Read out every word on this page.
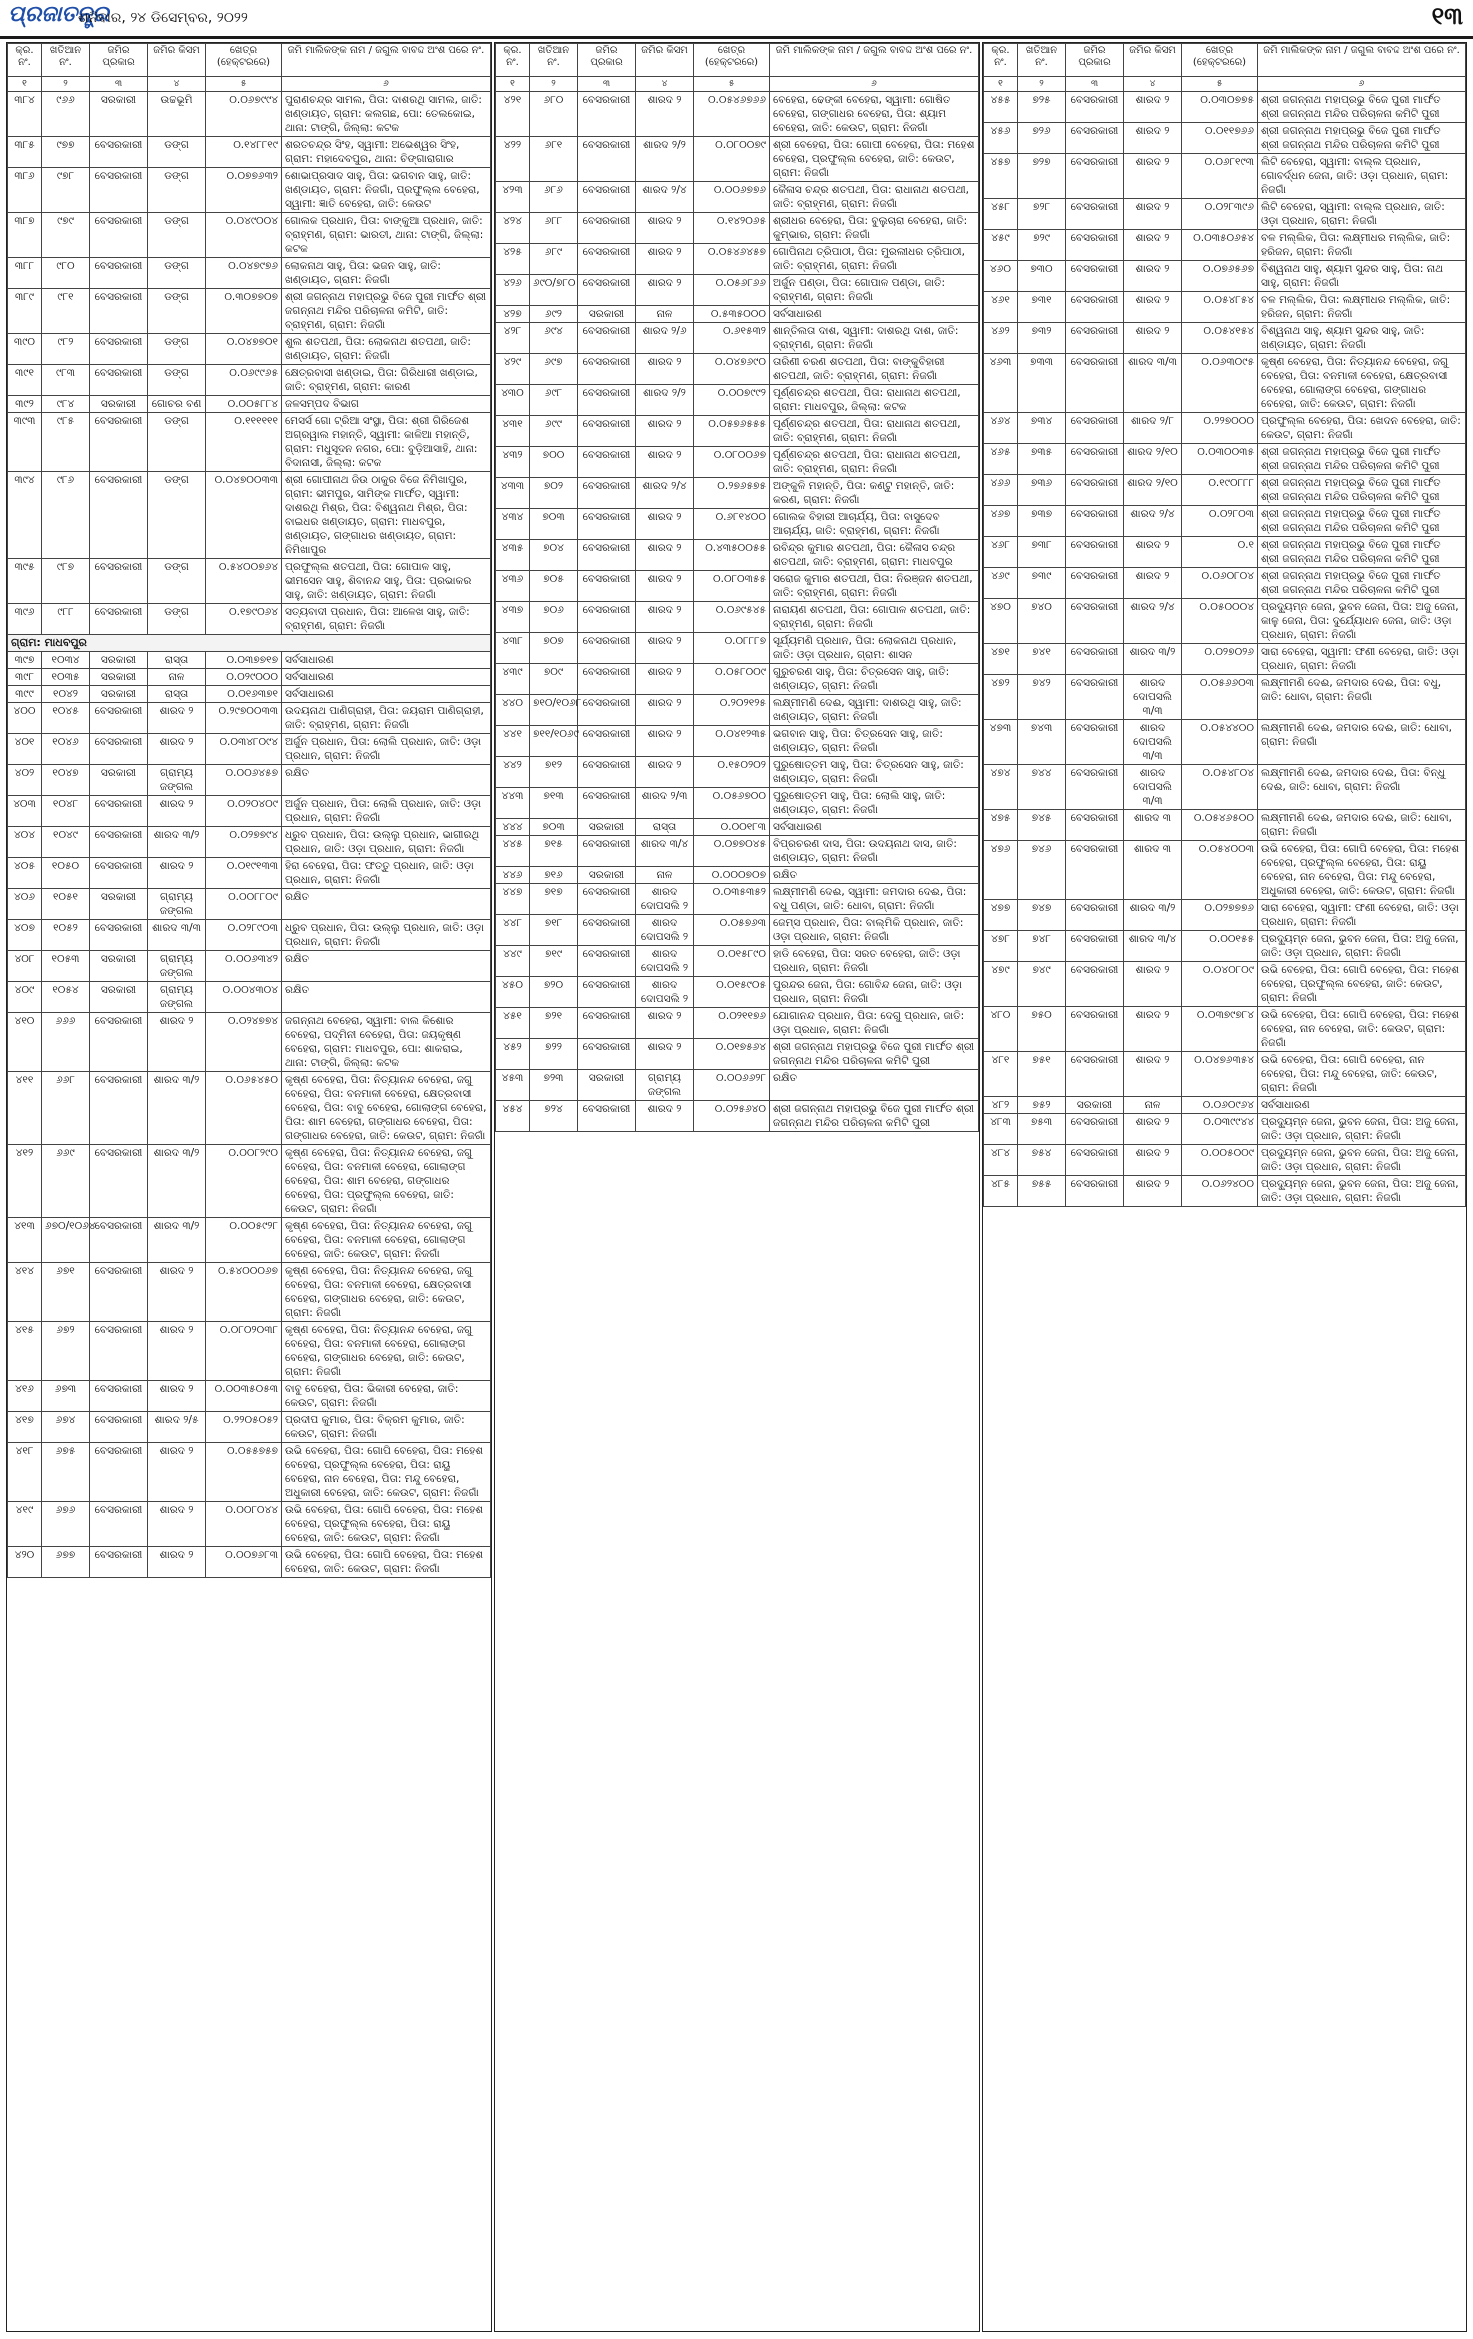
ପ୍ରଜାତନ୍ତ୍ର
ଶନିବାର, ୨୪ ଡିସେମ୍ବର, ୨୦୨୨	୧୩
କ୍ର. ନଂ.	ଖତିଆନ ନଂ.	ଜମିର ପ୍ରକାର	ଜମିର କିସମ	ଖେତ୍ର (ହେକ୍ଟରରେ)	ଜମି ମାଲିକଙ୍କ ନାମ / ଜଗୁଲ ବାବଦ୍ଦ ଅଂଶ ପରେ ନଂ.
୧	୨	୩	୪	୫	୬
୩୮୪	୯୬୬	ସରକାରୀ	ଉଚ୍ଚଭୂମି	୦.୦୬୭୯୯୪	ପୁରାଣଚନ୍ଦ୍ର ସାମଲ, ପିତା: ଦାଶରଥି ସାମଲ, ଜାତି: ଖଣ୍ଡାୟତ, ଗ୍ରାମ: କଲଗଛ, ପୋ: ତେଲକୋଇ, ଥାନା: ଟାଙ୍ଗି, ଜିଲ୍ଲା: କଟକ
୩୮୫	୯୭୭	ବେସରକାରୀ	ଡଙ୍ଗ	୦.୧୪୮୮୧୯	ଶରତଚନ୍ଦ୍ର ସିଂହ, ସ୍ୱାମୀ: ଅଭେଶ୍ୱର ସିଂହ, ଗ୍ରାମ: ମହାଦେବପୁର, ଥାନା: ଚିଙ୍ଗାରାଗାର
୩୮୬	୯୭୮	ବେସରକାରୀ	ଡଙ୍ଗ	୦.୦୭୭୬୩୨	ଶୋଭାପ୍ରସାଦ ସାହୁ, ପିତା: ଭଗବାନ ସାହୁ, ଜାତି: ଖଣ୍ଡାୟତ, ଗ୍ରାମ: ନିଜଗାଁ, ପ୍ରଫୁଲ୍ଲ ବେହେରା, ସ୍ୱାମୀ: ଜ୍ଞାତି ବେହେରା, ଜାତି: କେଉଟ
୩୮୭	୯୭୯	ବେସରକାରୀ	ଡଙ୍ଗ	୦.୦୪୯୦୦୪	ଗୋଲକ ପ୍ରଧାନ, ପିତା: ବାଙ୍କୁଆ ପ୍ରଧାନ, ଜାତି: ବ୍ରାହ୍ମଣ, ଗ୍ରାମ: ଭାରତୀ, ଥାନା: ଟାଙ୍ଗି, ଜିଲ୍ଲା: କଟକ
୩୮୮	୯୮୦	ବେସରକାରୀ	ଡଙ୍ଗ	୦.୦୪୭୯୭୬	ଲୋକନାଥ ସାହୁ, ପିତା: ଭଜନ ସାହୁ, ଜାତି: ଖଣ୍ଡାୟତ, ଗ୍ରାମ: ନିଜଗାଁ
୩୮୯	୯୮୧	ବେସରକାରୀ	ଡଙ୍ଗ	୦.୩୦୭୭୦୭	ଶ୍ରୀ ଜଗନ୍ନାଥ ମହାପ୍ରଭୁ ବିଜେ ପୁରୀ ମାର୍ଫତ ଶ୍ରୀ ଜଗନ୍ନାଥ ମନ୍ଦିର ପରିଚାଳନା କମିଟି, ଜାତି: ବ୍ରାହ୍ମଣ, ଗ୍ରାମ: ନିଜଗାଁ
୩୯୦	୯୮୨	ବେସରକାରୀ	ଡଙ୍ଗ	୦.୦୪୭୭୦୧	ଶୁଲ ଶତପଥୀ, ପିତା: ଲୋକନାଥ ଶତପଥୀ, ଜାତି: ଖଣ୍ଡାୟତ, ଗ୍ରାମ: ନିଜଗାଁ
୩୯୧	୯୮୩	ବେସରକାରୀ	ଡଙ୍ଗ	୦.୦୬୯୯୬୫	କ୍ଷେତ୍ରବାସୀ ଖଣ୍ଡାଇ, ପିତା: ଗିରିଧାରୀ ଖଣ୍ଡାଇ, ଜାତି: ବ୍ରାହ୍ମଣ, ଗ୍ରାମ: କାରଣ
୩୯୨	୯୮୪	ସରକାରୀ	ଗୋଚର ବଣ	୦.୦୦୫୮୮୪	ଜଳସମ୍ପଦ ବିଭାଗ
୩୯୩	୯୮୫	ବେସରକାରୀ	ଡଙ୍ଗ	୦.୧୧୧୧୧୧	ମେସର୍ସ ଗୋ ଟ୍ରିଆ ସଂସ୍ଥା, ପିତା: ଶ୍ରୀ ଗିରିଜେଶ ଅଗ୍ରୱାଲ ମହାନ୍ତି, ସ୍ୱାମୀ: କାଳିଆ ମହାନ୍ତି, ଗ୍ରାମ: ମଧୁସୂଦନ ନଗର, ପୋ: ବୁଡ଼ିଆସାହି, ଥାନା: ବିଦାନାସୀ, ଜିଲ୍ଲା: କଟକ
୩୯୪	୯୮୬	ବେସରକାରୀ	ଡଙ୍ଗ	୦.୦୪୭୦୦୩୩	ଶ୍ରୀ ଗୋପୀନାଥ ଜିଉ ଠାକୁର ବିଜେ ନିମିଖାପୁର, ଗ୍ରାମ: ଭୀମପୁର, ସାମିଙ୍କ ମାର୍ଫତ, ସ୍ୱାମୀ: ଦାଶରଥି ମିଶ୍ର, ପିତା: ବିଶ୍ୱନାଥ ମିଶ୍ର, ପିତା: ବାଇଧର ଖଣ୍ଡାୟତ, ଗ୍ରାମ: ମାଧବପୁର, ଖଣ୍ଡାୟତ, ଗଙ୍ଗାଧର ଖଣ୍ଡାୟତ, ଗ୍ରାମ: ନିମିଖାପୁର
୩୯୫	୯୮୭	ବେସରକାରୀ	ଡଙ୍ଗ	୦.୫୪୦୦୭୬୪	ପ୍ରଫୁଲ୍ଲ ଶତପଥୀ, ପିତା: ଗୋପାଳ ସାହୁ, ଭୀମସେନ ସାହୁ, ଶିବାନନ୍ଦ ସାହୁ, ପିତା: ପ୍ରଭାକର ସାହୁ, ଜାତି: ଖଣ୍ଡାୟତ, ଗ୍ରାମ: ନିଜଗାଁ
୩୯୬	୯୮୮	ବେସରକାରୀ	ଡଙ୍ଗ	୦.୧୭୯୦୬୪	ସତ୍ୟବାଦୀ ପ୍ରଧାନ, ପିତା: ଆଳେଖ ସାହୁ, ଜାତି: ବ୍ରାହ୍ମଣ, ଗ୍ରାମ: ନିଜଗାଁ
ଗ୍ରାମ: ମାଧବପୁର					
୩୯୭	୧୦୩୪	ସରକାରୀ	ରାସ୍ତା	୦.୦୩୭୭୧୭	ସର୍ବସାଧାରଣ
୩୯୮	୧୦୩୫	ସରକାରୀ	ନାଳ	୦.୦୨୯୦୦୦	ସର୍ବସାଧାରଣ
୩୯୯	୧୦୪୨	ସରକାରୀ	ରାସ୍ତା	୦.୦୧୬୩୭୧	ସର୍ବସାଧାରଣ
୪୦୦	୧୦୪୫	ବେସରକାରୀ	ଶାରଦ ୨	୦.୨୯୭୦୦୩୩	ଉଦୟନାଥ ପାଣିଗ୍ରାହୀ, ପିତା: ଜୟରାମ ପାଣିଗ୍ରାହୀ, ଜାତି: ବ୍ରାହ୍ମଣ, ଗ୍ରାମ: ନିଜଗାଁ
୪୦୧	୧୦୪୬	ବେସରକାରୀ	ଶାରଦ ୨	୦.୦୩୪୮୦୯୪	ଅର୍ଜୁନ ପ୍ରଧାନ, ପିତା: ଲୋଲି ପ୍ରଧାନ, ଜାତି: ଓଡ଼ା ପ୍ରଧାନ, ଗ୍ରାମ: ନିଜଗାଁ
୪୦୨	୧୦୪୭	ସରକାରୀ	ଗ୍ରାମ୍ୟ ଜଙ୍ଗଲ	୦.୦୦୬୪୫୭	ରକ୍ଷିତ
୪୦୩	୧୦୪୮	ବେସରକାରୀ	ଶାରଦ ୨	୦.୦୨୦୪୦୯	ଅର୍ଜୁନ ପ୍ରଧାନ, ପିତା: ଲୋଲି ପ୍ରଧାନ, ଜାତି: ଓଡ଼ା ପ୍ରଧାନ, ଗ୍ରାମ: ନିଜଗାଁ
୪୦୪	୧୦୪୯	ବେସରକାରୀ	ଶାରଦ ୩/୨	୦.୦୨୭୭୯୪	ଧ୍ରୁବ ପ୍ରଧାନ, ପିତା: ଉଲ୍ଲୁ ପ୍ରଧାନ, ଭାଗୀରଥି ପ୍ରଧାନ, ଜାତି: ଓଡ଼ା ପ୍ରଧାନ, ଗ୍ରାମ: ନିଜଗାଁ
୪୦୫	୧୦୫୦	ବେସରକାରୀ	ଶାରଦ ୨	୦.୦୧୯୧୩୩	ହିରା ବେହେରା, ପିତା: ଫତ୍ତୁ ପ୍ରଧାନ, ଜାତି: ଓଡ଼ା ପ୍ରଧାନ, ଗ୍ରାମ: ନିଜଗାଁ
୪୦୬	୧୦୫୧	ସରକାରୀ	ଗ୍ରାମ୍ୟ ଜଙ୍ଗଲ	୦.୦୦୮୮୦୯	ରକ୍ଷିତ
୪୦୭	୧୦୫୨	ବେସରକାରୀ	ଶାରଦ ୩/୩	୦.୦୨୮୯୦୩	ଧ୍ରୁବ ପ୍ରଧାନ, ପିତା: ଉଲ୍ଲୁ ପ୍ରଧାନ, ଜାତି: ଓଡ଼ା ପ୍ରଧାନ, ଗ୍ରାମ: ନିଜଗାଁ
୪୦୮	୧୦୫୩	ସରକାରୀ	ଗ୍ରାମ୍ୟ ଜଙ୍ଗଲ	୦.୦୦୬୩୪୨	ରକ୍ଷିତ
୪୦୯	୧୦୫୪	ସରକାରୀ	ଗ୍ରାମ୍ୟ ଜଙ୍ଗଲ	୦.୦୦୪୩୦୪	ରକ୍ଷିତ
୪୧୦	୬୬୬	ବେସରକାରୀ	ଶାରଦ ୨	୦.୦୨୪୭୭୪	ଜଗନ୍ନାଥ ବେହେରା, ସ୍ୱାମୀ: ବାଲ କିଶୋର ବେହେରା, ପଦ୍ମିନୀ ବେହେରା, ପିତା: ଜୟକୃଷ୍ଣ ବେହେରା, ଗ୍ରାମ: ମାଧବପୁର, ପୋ: ଶାକରାଇ, ଥାନା: ଟାଙ୍ଗି, ଜିଲ୍ଲା: କଟକ
୪୧୧	୬୬୮	ବେସରକାରୀ	ଶାରଦ ୩/୨	୦.୦୬୫୪୫୦	କୃଷ୍ଣ ବେହେରା, ପିତା: ନିତ୍ୟାନନ୍ଦ ବେହେରା, ଜଗୁ ବେହେରା, ପିତା: ବନମାଳୀ ବେହେରା, କ୍ଷେତ୍ରବାସୀ ବେହେରା, ପିତା: ବାବୁ ବେହେରା, ଗୋଲାଙ୍ଗ ବେହେରା, ପିତା: ଶାମ ବେହେରା, ଗଙ୍ଗାଧର ବେହେରା, ପିତା: ଗଙ୍ଗାଧର ବେହେରା, ଜାତି: କେଉଟ, ଗ୍ରାମ: ନିଜଗାଁ
୪୧୨	୬୬୯	ବେସରକାରୀ	ଶାରଦ ୩/୨	୦.୦୦୮୨୯୦	କୃଷ୍ଣ ବେହେରା, ପିତା: ନିତ୍ୟାନନ୍ଦ ବେହେରା, ଜଗୁ ବେହେରା, ପିତା: ବନମାଳୀ ବେହେରା, ଗୋଲାଙ୍ଗ ବେହେରା, ପିତା: ଶାମ ବେହେରା, ଗଙ୍ଗାଧର ବେହେରା, ପିତା: ପ୍ରଫୁଲ୍ଲ ବେହେରା, ଜାତି: କେଉଟ, ଗ୍ରାମ: ନିଜଗାଁ
୪୧୩	୬୭୦/୧୦୬୪	ବେସରକାରୀ	ଶାରଦ ୩/୨	୦.୦୦୫୯୨୮	କୃଷ୍ଣ ବେହେରା, ପିତା: ନିତ୍ୟାନନ୍ଦ ବେହେରା, ଜଗୁ ବେହେରା, ପିତା: ବନମାଳୀ ବେହେରା, ଗୋଲାଙ୍ଗ ବେହେରା, ଜାତି: କେଉଟ, ଗ୍ରାମ: ନିଜଗାଁ
୪୧୪	୬୭୧	ବେସରକାରୀ	ଶାରଦ ୨	୦.୫୪୦୦୦୬୭	କୃଷ୍ଣ ବେହେରା, ପିତା: ନିତ୍ୟାନନ୍ଦ ବେହେରା, ଜଗୁ ବେହେରା, ପିତା: ବନମାଳୀ ବେହେରା, କ୍ଷେତ୍ରବାସୀ ବେହେରା, ଗଙ୍ଗାଧର ବେହେରା, ଜାତି: କେଉଟ, ଗ୍ରାମ: ନିଜଗାଁ
୪୧୫	୬୭୨	ବେସରକାରୀ	ଶାରଦ ୨	୦.୦୮୦୨୦୩୮	କୃଷ୍ଣ ବେହେରା, ପିତା: ନିତ୍ୟାନନ୍ଦ ବେହେରା, ଜଗୁ ବେହେରା, ପିତା: ବନମାଳୀ ବେହେରା, ଗୋଲାଙ୍ଗ ବେହେରା, ଗଙ୍ଗାଧର ବେହେରା, ଜାତି: କେଉଟ, ଗ୍ରାମ: ନିଜଗାଁ
୪୧୬	୬୭୩	ବେସରକାରୀ	ଶାରଦ ୨	୦.୦୦୩୫୦୫୩	ବାବୁ ବେହେରା, ପିତା: ଭିକାରୀ ବେହେରା, ଜାତି: କେଉଟ, ଗ୍ରାମ: ନିଜଗାଁ
୪୧୭	୬୭୪	ବେସରକାରୀ	ଶାରଦ ୨/୫	୦.୨୨୦୫୦୫୨	ପ୍ରଦୀପ କୁମାର, ପିତା: ବିକ୍ରମ କୁମାର, ଜାତି: କେଉଟ, ଗ୍ରାମ: ନିଜଗାଁ
୪୧୮	୬୭୫	ବେସରକାରୀ	ଶାରଦ ୨	୦.୦୫୫୭୫୭	ଉଭି ବେହେରା, ପିତା: ଗୋପି ବେହେରା, ପିତା: ମହେଶ ବେହେରା, ପ୍ରଫୁଲ୍ଲ ବେହେରା, ପିତା: ରାୟୁ ବେହେରା, ନାନ ବେହେରା, ପିତା: ମନ୍ଦୁ ବେହେରା, ଅଧୁକାରୀ ବେହେରା, ଜାତି: କେଉଟ, ଗ୍ରାମ: ନିଜଗାଁ
୪୧୯	୬୭୬	ବେସରକାରୀ	ଶାରଦ ୨	୦.୦୦୮୦୪୪	ଉଭି ବେହେରା, ପିତା: ଗୋପି ବେହେରା, ପିତା: ମହେଶ ବେହେରା, ପ୍ରଫୁଲ୍ଲ ବେହେରା, ପିତା: ରାୟୁ ବେହେରା, ଜାତି: କେଉଟ, ଗ୍ରାମ: ନିଜଗାଁ
୪୨୦	୬୭୭	ବେସରକାରୀ	ଶାରଦ ୨	୦.୦୦୭୬୮୩	ଉଭି ବେହେରା, ପିତା: ଗୋପି ବେହେରା, ପିତା: ମହେଶ ବେହେରା, ଜାତି: କେଉଟ, ଗ୍ରାମ: ନିଜଗାଁ
କ୍ର. ନଂ.	ଖତିଆନ ନଂ.	ଜମିର ପ୍ରକାର	ଜମିର କିସମ	ଖେତ୍ର (ହେକ୍ଟରରେ)	ଜମି ମାଲିକଙ୍କ ନାମ / ଜଗୁଲ ବାବଦ୍ଦ ଅଂଶ ପରେ ନଂ.
୧	୨	୩	୪	୫	୬
୪୨୧	୬୮୦	ବେସରକାରୀ	ଶାରଦ ୨	୦.୦୫୪୬୭୬୬	ବେହେରା, ଢେଙ୍କୀ ବେହେରା, ସ୍ୱାମୀ: ଗୋଷିତ ବେହେରା, ଗଙ୍ଗାଧର ବେହେରା, ପିତା: ଶ୍ୟାମ ବେହେରା, ଜାତି: କେଉଟ, ଗ୍ରାମ: ନିଜଗାଁ
୪୨୨	୬୮୧	ବେସରକାରୀ	ଶାରଦ ୨/୨	୦.୦୮୦୦୭୯	ଶ୍ରୀ ବେହେରା, ପିତା: ଗୋପୀ ବେହେରା, ପିତା: ମହେଶ ବେହେରା, ପ୍ରଫୁଲ୍ଲ ବେହେରା, ଜାତି: କେଉଟ, ଗ୍ରାମ: ନିଜଗାଁ
୪୨୩	୬୮୬	ବେସରକାରୀ	ଶାରଦ ୨/୪	୦.୦୦୬୭୭୬	କୈଳାସ ଚନ୍ଦ୍ର ଶତପଥୀ, ପିତା: ରାଧାନାଥ ଶତପଥୀ, ଜାତି: ବ୍ରାହ୍ମଣ, ଗ୍ରାମ: ନିଜଗାଁ
୪୨୪	୬୮୮	ବେସରକାରୀ	ଶାରଦ ୨	୦.୧୪୨୦୬୫	ଶ୍ରୀଧର ବେହେରା, ପିତା: ବୁଲୁଚାରା ବେହେରା, ଜାତି: କୁମ୍ଭାର, ଗ୍ରାମ: ନିଜଗାଁ
୪୨୫	୬୮୯	ବେସରକାରୀ	ଶାରଦ ୨	୦.୦୫୪୬୪୫୭	ଗୋପିନାଥ ତ୍ରିପାଠୀ, ପିତା: ମୁରଲୀଧର ତ୍ରିପାଠୀ, ଜାତି: ବ୍ରାହ୍ମଣ, ଗ୍ରାମ: ନିଜଗାଁ
୪୨୬	୬୯୦/୭୮୦	ବେସରକାରୀ	ଶାରଦ ୨	୦.୦୫୬୮୬୬	ଅର୍ଜୁନ ପଣ୍ଡା, ପିତା: ଗୋପାଳ ପଣ୍ଡା, ଜାତି: ବ୍ରାହ୍ମଣ, ଗ୍ରାମ: ନିଜଗାଁ
୪୨୭	୬୯୨	ସରକାରୀ	ନାଳ	୦.୫୩୫୦୦୦	ସର୍ବସାଧାରଣ
୪୨୮	୬୯୪	ବେସରକାରୀ	ଶାରଦ ୨/୬	୦.୬୧୫୩୨	ଶାନ୍ତିଲତା ଦାଶ, ସ୍ୱାମୀ: ଦାଶରଥି ଦାଶ, ଜାତି: ବ୍ରାହ୍ମଣ, ଗ୍ରାମ: ନିଜଗାଁ
୪୨୯	୬୯୭	ବେସରକାରୀ	ଶାରଦ ୨	୦.୦୪୭୬୯୦	ତାରିଣୀ ଚରଣ ଶତପଥୀ, ପିତା: ବାଙ୍କୁବିହାରୀ ଶତପଥୀ, ଜାତି: ବ୍ରାହ୍ମଣ, ଗ୍ରାମ: ନିଜଗାଁ
୪୩୦	୬୯୮	ବେସରକାରୀ	ଶାରଦ ୨/୨	୦.୦୦୭୯୯୨	ପୂର୍ଣ୍ଣଚନ୍ଦ୍ର ଶତପଥୀ, ପିତା: ରାଧାନାଥ ଶତପଥୀ, ଗ୍ରାମ: ମାଧବପୁର, ଜିଲ୍ଲା: କଟକ
୪୩୧	୬୯୯	ବେସରକାରୀ	ଶାରଦ ୨	୦.୦୫୭୬୫୫୫	ପୂର୍ଣ୍ଣଚନ୍ଦ୍ର ଶତପଥୀ, ପିତା: ରାଧାନାଥ ଶତପଥୀ, ଜାତି: ବ୍ରାହ୍ମଣ, ଗ୍ରାମ: ନିଜଗାଁ
୪୩୨	୭୦୦	ବେସରକାରୀ	ଶାରଦ ୨	୦.୦୮୦୦୬୭	ପୂର୍ଣ୍ଣଚନ୍ଦ୍ର ଶତପଥୀ, ପିତା: ରାଧାନାଥ ଶତପଥୀ, ଜାତି: ବ୍ରାହ୍ମଣ, ଗ୍ରାମ: ନିଜଗାଁ
୪୩୩	୭୦୨	ବେସରକାରୀ	ଶାରଦ ୨/୪	୦.୨୭୬୫୭୫	ଅଙ୍କୁଳି ମହାନ୍ତି, ପିତା: କଣ୍ଟୁ ମହାନ୍ତି, ଜାତି: କରଣ, ଗ୍ରାମ: ନିଜଗାଁ
୪୩୪	୭୦୩	ବେସରକାରୀ	ଶାରଦ ୨	୦.୬୮୧୪୦୦	ଗୋଲକ ବିହାରୀ ଆଚାର୍ଯ୍ୟ, ପିତା: ବାସୁଦେବ ଆଚାର୍ଯ୍ୟ, ଜାତି: ବ୍ରାହ୍ମଣ, ଗ୍ରାମ: ନିଜଗାଁ
୪୩୫	୭୦୪	ବେସରକାରୀ	ଶାରଦ ୨	୦.୪୩୫୦୦୫୫	ରବିନ୍ଦ୍ର କୁମାର ଶତପଥୀ, ପିତା: କୈଳାସ ଚନ୍ଦ୍ର ଶତପଥୀ, ଜାତି: ବ୍ରାହ୍ମଣ, ଗ୍ରାମ: ମାଧବପୁର
୪୩୬	୭୦୫	ବେସରକାରୀ	ଶାରଦ ୨	୦.୦୮୦୩୫୫	ସରୋଜ କୁମାର ଶତପଥୀ, ପିତା: ନିରଞ୍ଜନ ଶତପଥୀ, ଜାତି: ବ୍ରାହ୍ମଣ, ଗ୍ରାମ: ନିଜଗାଁ
୪୩୭	୭୦୬	ବେସରକାରୀ	ଶାରଦ ୨	୦.୦୬୯୫୪୫	ନାରାୟଣ ଶତପଥୀ, ପିତା: ଗୋପାଳ ଶତପଥୀ, ଜାତି: ବ୍ରାହ୍ମଣ, ଗ୍ରାମ: ନିଜଗାଁ
୪୩୮	୭୦୭	ବେସରକାରୀ	ଶାରଦ ୨	୦.୦୮୮୮୭	ସୂର୍ଯ୍ୟମଣି ପ୍ରଧାନ, ପିତା: ଲୋକନାଥ ପ୍ରଧାନ, ଜାତି: ଓଡ଼ା ପ୍ରଧାନ, ଗ୍ରାମ: ଶାସନ
୪୩୯	୭୦୯	ବେସରକାରୀ	ଶାରଦ ୨	୦.୦୫୮୦୦୯	ଗୁରୁଚରଣ ସାହୁ, ପିତା: ଚିତ୍ରସେନ ସାହୁ, ଜାତି: ଖଣ୍ଡାୟତ, ଗ୍ରାମ: ନିଜଗାଁ
୪୪୦	୭୧୦/୧୦୬୮	ବେସରକାରୀ	ଶାରଦ ୨	୦.୨୦୨୧୨୫	ଲକ୍ଷ୍ମୀମଣି ଦେଈ, ସ୍ୱାମୀ: ଦାଶରଥି ସାହୁ, ଜାତି: ଖଣ୍ଡାୟତ, ଗ୍ରାମ: ନିଜଗାଁ
୪୪୧	୭୧୧/୧୦୬୯	ବେସରକାରୀ	ଶାରଦ ୨	୦.୦୪୧୨୩୫	ଭଗବାନ ସାହୁ, ପିତା: ଚିତ୍ରସେନ ସାହୁ, ଜାତି: ଖଣ୍ଡାୟତ, ଗ୍ରାମ: ନିଜଗାଁ
୪୪୨	୭୧୨	ବେସରକାରୀ	ଶାରଦ ୨	୦.୧୫୦୨୦୨	ପୁରୁଷୋତ୍ତମ ସାହୁ, ପିତା: ଚିତ୍ରସେନ ସାହୁ, ଜାତି: ଖଣ୍ଡାୟତ, ଗ୍ରାମ: ନିଜଗାଁ
୪୪୩	୭୧୩	ବେସରକାରୀ	ଶାରଦ ୨/୩	୦.୦୫୬୭୦୦	ପୁରୁଷୋତ୍ତମ ସାହୁ, ପିତା: ଲୋଲି ସାହୁ, ଜାତି: ଖଣ୍ଡାୟତ, ଗ୍ରାମ: ନିଜଗାଁ
୪୪୪	୭୦୩	ସରକାରୀ	ରାସ୍ତା	୦.୦୦୧୮୩	ସର୍ବସାଧାରଣ
୪୪୫	୭୧୫	ବେସରକାରୀ	ଶାରଦ ୩/୪	୦.୦୭୭୦୪୫	ବିପ୍ରଚରଣ ଦାସ, ପିତା: ଉଦୟନାଥ ଦାସ, ଜାତି: ଖଣ୍ଡାୟତ, ଗ୍ରାମ: ନିଜଗାଁ
୪୪୬	୭୧୬	ସରକାରୀ	ନାଳ	୦.୦୦୦୭୦୭	ରକ୍ଷିତ
୪୪୭	୭୧୭	ବେସରକାରୀ	ଶାରଦ ଦୋପସଲି ୨	୦.୦୩୫୩୫୨	ଲକ୍ଷ୍ମୀମଣି ଦେଈ, ସ୍ୱାମୀ: ଜମଦାର ଦେଈ, ପିତା: ବଧୁ ପଣ୍ଡା, ଜାତି: ଧୋବା, ଗ୍ରାମ: ନିଜଗାଁ
୪୪୮	୭୧୮	ବେସରକାରୀ	ଶାରଦ ଦୋପସଲି ୨	୦.୦୫୭୬୩	ଜେମ୍ସ ପ୍ରଧାନ, ପିତା: ବାଲ୍ମିକି ପ୍ରଧାନ, ଜାତି: ଓଡ଼ା ପ୍ରଧାନ, ଗ୍ରାମ: ନିଜଗାଁ
୪୪୯	୭୧୯	ବେସରକାରୀ	ଶାରଦ ଦୋପସଲି ୨	୦.୦୧୫୮୯୦	ହାଡି ବେହେରା, ପିତା: ସରତ ବେହେରା, ଜାତି: ଓଡ଼ା ପ୍ରଧାନ, ଗ୍ରାମ: ନିଜଗାଁ
୪୫୦	୭୨୦	ବେସରକାରୀ	ଶାରଦ ଦୋପସଲି ୨	୦.୦୧୫୯୦୫	ପୁରନ୍ଦର ଜେନା, ପିତା: ଗୋବିନ୍ଦ ଜେନା, ଜାତି: ଓଡ଼ା ପ୍ରଧାନ, ଗ୍ରାମ: ନିଜଗାଁ
୪୫୧	୭୨୧	ବେସରକାରୀ	ଶାରଦ ୨	୦.୦୨୧୧୭୬	ଯୋଗାନନ୍ଦ ପ୍ରଧାନ, ପିତା: ଦେଗୁ ପ୍ରଧାନ, ଜାତି: ଓଡ଼ା ପ୍ରଧାନ, ଗ୍ରାମ: ନିଜଗାଁ
୪୫୨	୭୨୨	ବେସରକାରୀ	ଶାରଦ ୨	୦.୦୧୭୫୬୪	ଶ୍ରୀ ଜଗନ୍ନାଥ ମହାପ୍ରଭୁ ବିଜେ ପୁରୀ ମାର୍ଫତ ଶ୍ରୀ ଜଗନ୍ନାଥ ମନ୍ଦିର ପରିଚାଳନା କମିଟି ପୁରୀ
୪୫୩	୭୨୩	ସରକାରୀ	ଗ୍ରାମ୍ୟ ଜଙ୍ଗଲ	୦.୦୦୬୬୨୮	ରକ୍ଷିତ
୪୫୪	୭୨୪	ବେସରକାରୀ	ଶାରଦ ୨	୦.୦୨୫୬୪୦	ଶ୍ରୀ ଜଗନ୍ନାଥ ମହାପ୍ରଭୁ ବିଜେ ପୁରୀ ମାର୍ଫତ ଶ୍ରୀ ଜଗନ୍ନାଥ ମନ୍ଦିର ପରିଚାଳନା କମିଟି ପୁରୀ
କ୍ର. ନଂ.	ଖତିଆନ ନଂ.	ଜମିର ପ୍ରକାର	ଜମିର କିସମ	ଖେତ୍ର (ହେକ୍ଟରରେ)	ଜମି ମାଲିକଙ୍କ ନାମ / ଜଗୁଲ ବାବଦ୍ଦ ଅଂଶ ପରେ ନଂ.
୧	୨	୩	୪	୫	୬
୪୫୫	୭୨୫	ବେସରକାରୀ	ଶାରଦ ୨	୦.୦୩୦୭୭୫	ଶ୍ରୀ ଜଗନ୍ନାଥ ମହାପ୍ରଭୁ ବିଜେ ପୁରୀ ମାର୍ଫତ ଶ୍ରୀ ଜଗନ୍ନାଥ ମନ୍ଦିର ପରିଚାଳନା କମିଟି ପୁରୀ
୪୫୬	୭୨୬	ବେସରକାରୀ	ଶାରଦ ୨	୦.୦୧୧୭୬୬	ଶ୍ରୀ ଜଗନ୍ନାଥ ମହାପ୍ରଭୁ ବିଜେ ପୁରୀ ମାର୍ଫତ ଶ୍ରୀ ଜଗନ୍ନାଥ ମନ୍ଦିର ପରିଚାଳନା କମିଟି ପୁରୀ
୪୫୭	୭୨୭	ବେସରକାରୀ	ଶାରଦ ୨	୦.୦୬୮୧୯୩	ଲିଟି ବେହେରା, ସ୍ୱାମୀ: ବାଲ୍ଲ ପ୍ରଧାନ, ଗୋବର୍ଦ୍ଧନ ଜେନା, ଜାତି: ଓଡ଼ା ପ୍ରଧାନ, ଗ୍ରାମ: ନିଜଗାଁ
୪୫୮	୭୨୮	ବେସରକାରୀ	ଶାରଦ ୨	୦.୦୨୮୩୯୬	ଲିଟି ବେହେରା, ସ୍ୱାମୀ: ବାଲ୍ଲ ପ୍ରଧାନ, ଜାତି: ଓଡ଼ା ପ୍ରଧାନ, ଗ୍ରାମ: ନିଜଗାଁ
୪୫୯	୭୨୯	ବେସରକାରୀ	ଶାରଦ ୨	୦.୦୩୫୦୬୫୪	ବଳ ମଲ୍ଲିକ, ପିତା: ଲକ୍ଷ୍ମୀଧର ମଲ୍ଲିକ, ଜାତି: ହରିଜନ, ଗ୍ରାମ: ନିଜଗାଁ
୪୬୦	୭୩୦	ବେସରକାରୀ	ଶାରଦ ୨	୦.୦୭୬୫୬୭	ବିଶ୍ୱନାଥ ସାହୁ, ଶ୍ୟାମ ସୁନ୍ଦର ସାହୁ, ପିତା: ନାଥ ସାହୁ, ଗ୍ରାମ: ନିଜଗାଁ
୪୬୧	୭୩୧	ବେସରକାରୀ	ଶାରଦ ୨	୦.୦୫୪୮୫୪	ବଳ ମଲ୍ଲିକ, ପିତା: ଲକ୍ଷ୍ମୀଧର ମଲ୍ଲିକ, ଜାତି: ହରିଜନ, ଗ୍ରାମ: ନିଜଗାଁ
୪୬୨	୭୩୨	ବେସରକାରୀ	ଶାରଦ ୨	୦.୦୫୪୧୫୪	ବିଶ୍ୱନାଥ ସାହୁ, ଶ୍ୟାମ ସୁନ୍ଦର ସାହୁ, ଜାତି: ଖଣ୍ଡାୟତ, ଗ୍ରାମ: ନିଜଗାଁ
୪୬୩	୭୩୩	ବେସରକାରୀ	ଶାରଦ ୩/୩	୦.୦୬୩୦୯୫	କୃଷ୍ଣ ବେହେରା, ପିତା: ନିତ୍ୟାନନ୍ଦ ବେହେରା, ଜଗୁ ବେହେରା, ପିତା: ବନମାଳୀ ବେହେରା, କ୍ଷେତ୍ରବାସୀ ବେହେରା, ଗୋଲାଙ୍ଗ ବେହେରା, ଗଙ୍ଗାଧର ବେହେରା, ଜାତି: କେଉଟ, ଗ୍ରାମ: ନିଜଗାଁ
୪୬୪	୭୩୪	ବେସରକାରୀ	ଶାରଦ ୨/୮	୦.୨୨୭୦୦୦	ପ୍ରଫୁଲ୍ଲ ବେହେରା, ପିତା: ଖେଦନ ବେହେରା, ଜାତି: କେଉଟ, ଗ୍ରାମ: ନିଜଗାଁ
୪୬୫	୭୩୫	ବେସରକାରୀ	ଶାରଦ ୨/୧୦	୦.୦୩୦୦୩୫	ଶ୍ରୀ ଜଗନ୍ନାଥ ମହାପ୍ରଭୁ ବିଜେ ପୁରୀ ମାର୍ଫତ ଶ୍ରୀ ଜଗନ୍ନାଥ ମନ୍ଦିର ପରିଚାଳନା କମିଟି ପୁରୀ
୪୬୬	୭୩୬	ବେସରକାରୀ	ଶାରଦ ୨/୧୦	୦.୧୯୦୮୮୮	ଶ୍ରୀ ଜଗନ୍ନାଥ ମହାପ୍ରଭୁ ବିଜେ ପୁରୀ ମାର୍ଫତ ଶ୍ରୀ ଜଗନ୍ନାଥ ମନ୍ଦିର ପରିଚାଳନା କମିଟି ପୁରୀ
୪୬୭	୭୩୭	ବେସରକାରୀ	ଶାରଦ ୨/୪	୦.୦୨୮୦୩	ଶ୍ରୀ ଜଗନ୍ନାଥ ମହାପ୍ରଭୁ ବିଜେ ପୁରୀ ମାର୍ଫତ ଶ୍ରୀ ଜଗନ୍ନାଥ ମନ୍ଦିର ପରିଚାଳନା କମିଟି ପୁରୀ
୪୬୮	୭୩୮	ବେସରକାରୀ	ଶାରଦ ୨	୦.୧	ଶ୍ରୀ ଜଗନ୍ନାଥ ମହାପ୍ରଭୁ ବିଜେ ପୁରୀ ମାର୍ଫତ ଶ୍ରୀ ଜଗନ୍ନାଥ ମନ୍ଦିର ପରିଚାଳନା କମିଟି ପୁରୀ
୪୬୯	୭୩୯	ବେସରକାରୀ	ଶାରଦ ୨	୦.୦୬୦୮୦୪	ଶ୍ରୀ ଜଗନ୍ନାଥ ମହାପ୍ରଭୁ ବିଜେ ପୁରୀ ମାର୍ଫତ ଶ୍ରୀ ଜଗନ୍ନାଥ ମନ୍ଦିର ପରିଚାଳନା କମିଟି ପୁରୀ
୪୭୦	୭୪୦	ବେସରକାରୀ	ଶାରଦ ୨/୪	୦.୦୫୦୦୦୪	ପ୍ରଦ୍ୟୁମ୍ନ ଜେନା, ଭୁବନ ଜେନା, ପିତା: ଅଜୁ ଜେନା, କାଳୁ ଜେନା, ପିତା: ଦୁର୍ଯ୍ୟୋଧନ ଜେନା, ଜାତି: ଓଡ଼ା ପ୍ରଧାନ, ଗ୍ରାମ: ନିଜଗାଁ
୪୭୧	୭୪୧	ବେସରକାରୀ	ଶାରଦ ୩/୨	୦.୦୨୭୦୨୬	ସାରା ବେହେରା, ସ୍ୱାମୀ: ଫଣୀ ବେହେରା, ଜାତି: ଓଡ଼ା ପ୍ରଧାନ, ଗ୍ରାମ: ନିଜଗାଁ
୪୭୨	୭୪୨	ବେସରକାରୀ	ଶାରଦ ଦୋପସଲି ୩/୩	୦.୦୫୬୬୦୩	ଲକ୍ଷ୍ମୀମଣି ଦେଈ, ଜମଦାର ଦେଈ, ପିତା: ବଧୁ, ଜାତି: ଧୋବା, ଗ୍ରାମ: ନିଜଗାଁ
୪୭୩	୭୪୩	ବେସରକାରୀ	ଶାରଦ ଦୋପସଲି ୩/୩	୦.୦୫୪୪୦୦	ଲକ୍ଷ୍ମୀମଣି ଦେଈ, ଜମଦାର ଦେଈ, ଜାତି: ଧୋବା, ଗ୍ରାମ: ନିଜଗାଁ
୪୭୪	୭୪୪	ବେସରକାରୀ	ଶାରଦ ଦୋପସଲି ୩/୩	୦.୦୫୪୮୦୪	ଲକ୍ଷ୍ମୀମଣି ଦେଈ, ଜମଦାର ଦେଈ, ପିତା: ବିନ୍ଧୁ ଦେଈ, ଜାତି: ଧୋବା, ଗ୍ରାମ: ନିଜଗାଁ
୪୭୫	୭୪୫	ବେସରକାରୀ	ଶାରଦ ୩	୦.୦୫୪୬୫୦୦	ଲକ୍ଷ୍ମୀମଣି ଦେଈ, ଜମଦାର ଦେଈ, ଜାତି: ଧୋବା, ଗ୍ରାମ: ନିଜଗାଁ
୪୭୬	୭୪୬	ବେସରକାରୀ	ଶାରଦ ୩	୦.୦୫୪୦୦୩	ଉଭି ବେହେରା, ପିତା: ଗୋପି ବେହେରା, ପିତା: ମହେଶ ବେହେରା, ପ୍ରଫୁଲ୍ଲ ବେହେରା, ପିତା: ରାୟୁ ବେହେରା, ନାନ ବେହେରା, ପିତା: ମନ୍ଦୁ ବେହେରା, ଅଧୁକାରୀ ବେହେରା, ଜାତି: କେଉଟ, ଗ୍ରାମ: ନିଜଗାଁ
୪୭୭	୭୪୭	ବେସରକାରୀ	ଶାରଦ ୩/୨	୦.୦୨୭୭୭୬	ସାରା ବେହେରା, ସ୍ୱାମୀ: ଫଣୀ ବେହେରା, ଜାତି: ଓଡ଼ା ପ୍ରଧାନ, ଗ୍ରାମ: ନିଜଗାଁ
୪୭୮	୭୪୮	ବେସରକାରୀ	ଶାରଦ ୩/୪	୦.୦୦୧୫୫	ପ୍ରଦ୍ୟୁମ୍ନ ଜେନା, ଭୁବନ ଜେନା, ପିତା: ଅଜୁ ଜେନା, ଜାତି: ଓଡ଼ା ପ୍ରଧାନ, ଗ୍ରାମ: ନିଜଗାଁ
୪୭୯	୭୪୯	ବେସରକାରୀ	ଶାରଦ ୨	୦.୦୪୦୮୦୯	ଉଭି ବେହେରା, ପିତା: ଗୋପି ବେହେରା, ପିତା: ମହେଶ ବେହେରା, ପ୍ରଫୁଲ୍ଲ ବେହେରା, ଜାତି: କେଉଟ, ଗ୍ରାମ: ନିଜଗାଁ
୪୮୦	୭୫୦	ବେସରକାରୀ	ଶାରଦ ୨	୦.୦୩୭୯୭୮୪	ଉଭି ବେହେରା, ପିତା: ଗୋପି ବେହେରା, ପିତା: ମହେଶ ବେହେରା, ନାନ ବେହେରା, ଜାତି: କେଉଟ, ଗ୍ରାମ: ନିଜଗାଁ
୪୮୧	୭୫୧	ବେସରକାରୀ	ଶାରଦ ୨	୦.୦୪୭୬୩୫୪	ଉଭି ବେହେରା, ପିତା: ଗୋପି ବେହେରା, ନାନ ବେହେରା, ପିତା: ମନ୍ଦୁ ବେହେରା, ଜାତି: କେଉଟ, ଗ୍ରାମ: ନିଜଗାଁ
୪୮୨	୭୫୨	ସରକାରୀ	ନାଳ	୦.୦୬୦୯୬୪	ସର୍ବସାଧାରଣ
୪୮୩	୭୫୩	ବେସରକାରୀ	ଶାରଦ ୨	୦.୦୩୯୯୪୪	ପ୍ରଦ୍ୟୁମ୍ନ ଜେନା, ଭୁବନ ଜେନା, ପିତା: ଅଜୁ ଜେନା, ଜାତି: ଓଡ଼ା ପ୍ରଧାନ, ଗ୍ରାମ: ନିଜଗାଁ
୪୮୪	୭୫୪	ବେସରକାରୀ	ଶାରଦ ୨	୦.୦୦୫୦୦୯	ପ୍ରଦ୍ୟୁମ୍ନ ଜେନା, ଭୁବନ ଜେନା, ପିତା: ଅଜୁ ଜେନା, ଜାତି: ଓଡ଼ା ପ୍ରଧାନ, ଗ୍ରାମ: ନିଜଗାଁ
୪୮୫	୭୫୫	ବେସରକାରୀ	ଶାରଦ ୨	୦.୦୬୨୪୦୦	ପ୍ରଦ୍ୟୁମ୍ନ ଜେନା, ଭୁବନ ଜେନା, ପିତା: ଅଜୁ ଜେନା, ଜାତି: ଓଡ଼ା ପ୍ରଧାନ, ଗ୍ରାମ: ନିଜଗାଁ
